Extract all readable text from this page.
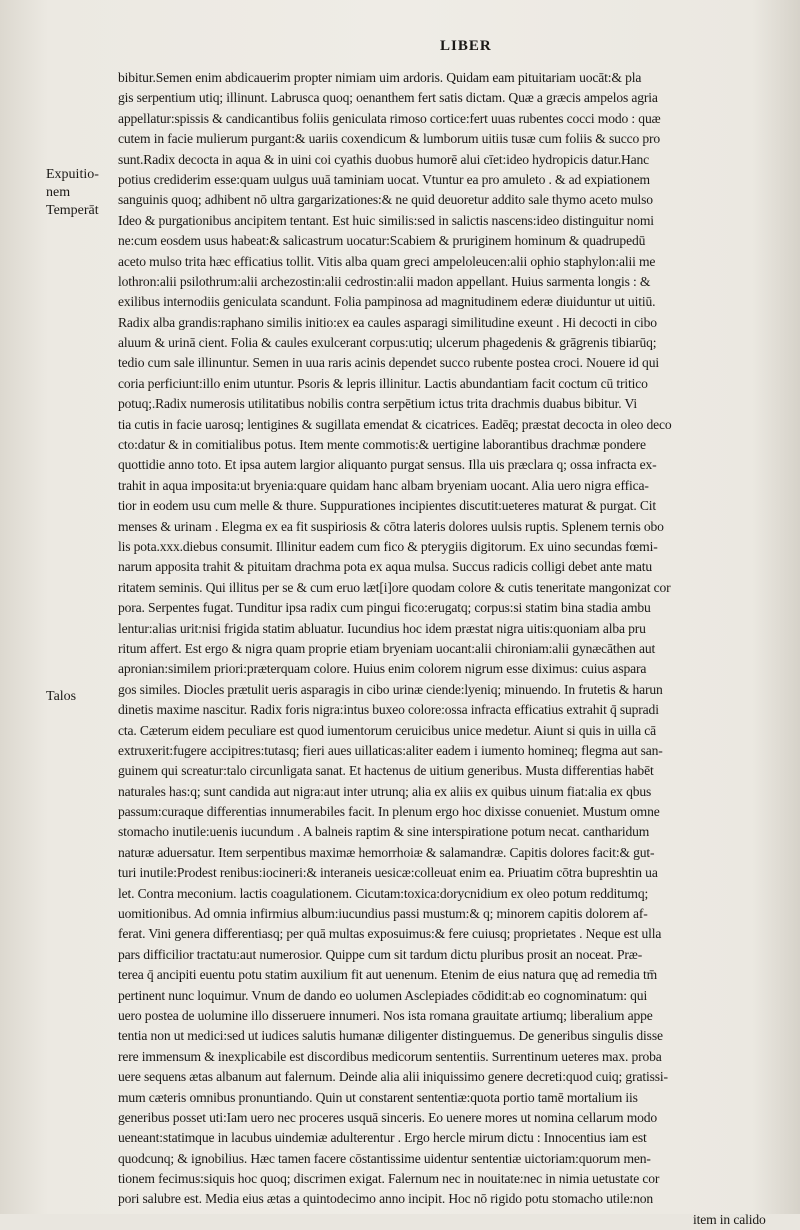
LIBER
Expuitio-
nem
Temperāt
Talos
bibitur.Semen enim abdicauerim propter nimiam uim ardoris. Quidam eam pituitariam uocāt:& pla
gis serpentium utiq; illinunt. Labrusca quoq; oenanthem fert satis dictam. Quæ a græcis ampelos agria
appellatur:spissis & candicantibus foliis geniculata rimoso cortice:fert uuas rubentes cocci modo : quæ
cutem in facie mulierum purgant:& uariis coxendicum & lumborum uitiis tusæ cum foliis & succo pro
sunt.Radix decocta in aqua & in uini coi cyathis duobus humorē alui cīet:ideo hydropicis datur.Hanc
potius crediderim esse:quam uulgus uuā taminiam uocat. Vtuntur ea pro amuleto . & ad expiationem
sanguinis quoq; adhibent nō ultra gargarizationes:& ne quid deuoretur addito sale thymo aceto mulso
Ideo & purgationibus ancipitem tentant. Est huic similis:sed in salictis nascens:ideo distinguitur nomi
ne:cum eosdem usus habeat:& salicastrum uocatur:Scabiem & pruriginem hominum & quadrupedū
aceto mulso trita hæc efficatius tollit. Vitis alba quam greci ampeloleucen:alii ophio staphylon:alii me
lothron:alii psilothrum:alii archezostin:alii cedrostin:alii madon appellant. Huius sarmenta longis : &
exilibus internodiis geniculata scandunt. Folia pampinosa ad magnitudinem ederæ diuiduntur ut uitiū.
Radix alba grandis:raphano similis initio:ex ea caules asparagi similitudine exeunt . Hi decocti in cibo
aluum & urinā cient. Folia & caules exulcerant corpus:utiq; ulcerum phagedenis & grāgrenis tibiarūq;
tedio cum sale illinuntur. Semen in uua raris acinis dependet succo rubente postea croci. Nouere id qui
coria perficiunt:illo enim utuntur. Psoris & lepris illinitur. Lactis abundantiam facit coctum cū tritico
potuq;.Radix numerosis utilitatibus nobilis contra serpētium ictus trita drachmis duabus bibitur. Vi
tia cutis in facie uarosq; lentigines & sugillata emendat & cicatrices. Eadēq; præstat decocta in oleo deco
cto:datur & in comitialibus potus. Item mente commotis:& uertigine laborantibus drachmæ pondere
quottidie anno toto. Et ipsa autem largior aliquanto purgat sensus. Illa uis præclara q; ossa infracta ex-
trahit in aqua imposita:ut bryenia:quare quidam hanc albam bryeniam uocant. Alia uero nigra effica-
tior in eodem usu cum melle & thure. Suppurationes incipientes discutit:ueteres maturat & purgat. Cit
menses & urinam . Elegma ex ea fit suspiriosis & cōtra lateris dolores uulsis ruptis. Splenem ternis obo
lis pota.xxx.diebus consumit. Illinitur eadem cum fico & pterygiis digitorum. Ex uino secundas fœmi-
narum apposita trahit & pituitam drachma pota ex aqua mulsa. Succus radicis colligi debet ante matu
ritatem seminis. Qui illitus per se & cum eruo læt[i]ore quodam colore & cutis teneritate mangonizat cor
pora. Serpentes fugat. Tunditur ipsa radix cum pingui fico:erugatq; corpus:si statim bina stadia ambu
lentur:alias urit:nisi frigida statim abluatur. Iucundius hoc idem præstat nigra uitis:quoniam alba pru
ritum affert. Est ergo & nigra quam proprie etiam bryeniam uocant:alii chironiam:alii gynæcāthen aut
apronian:similem priori:præterquam colore. Huius enim colorem nigrum esse diximus: cuius aspara
gos similes. Diocles prætulit ueris asparagis in cibo urinæ ciende:lyeniq; minuendo. In frutetis & harun
dinetis maxime nascitur. Radix foris nigra:intus buxeo colore:ossa infracta efficatius extrahit q̄ supradi
cta. Cæterum eidem peculiare est quod iumentorum ceruicibus unice medetur. Aiunt si quis in uilla cā
extruxerit:fugere accipitres:tutasq; fieri aues uillaticas:aliter eadem i iumento homineq; flegma aut san-
guinem qui screatur:talo circunligata sanat. Et hactenus de uitium generibus. Musta differentias habēt
naturales has:q; sunt candida aut nigra:aut inter utrunq; alia ex aliis ex quibus uinum fiat:alia ex qbus
passum:curaque differentias innumerabiles facit. In plenum ergo hoc dixisse conueniet. Mustum omne
stomacho inutile:uenis iucundum . A balneis raptim & sine interspiratione potum necat. cantharidum
naturæ aduersatur. Item serpentibus maximæ hemorrhoiæ & salamandræ. Capitis dolores facit:& gut-
turi inutile:Prodest renibus:iocineri:& interaneis uesicæ:colleuat enim ea. Priuatim cōtra bupreshtin ua
let. Contra meconium. lactis coagulationem. Cicutam:toxica:dorycnidium ex oleo potum redditumq;
uomitionibus. Ad omnia infirmius album:iucundius passi mustum:& q; minorem capitis dolorem af-
ferat. Vini genera differentiasq; per quā multas exposuimus:& fere cuiusq; proprietates . Neque est ulla
pars difficilior tractatu:aut numerosior. Quippe cum sit tardum dictu pluribus prosit an noceat. Præ-
terea q̄ ancipiti euentu potu statim auxilium fit aut uenenum. Etenim de eius natura quę ad remedia tm̄
pertinent nunc loquimur. Vnum de dando eo uolumen Asclepiades cōdidit:ab eo cognominatum: qui
uero postea de uolumine illo disseruere innumeri. Nos ista romana grauitate artiumq; liberalium appe
tentia non ut medici:sed ut iudices salutis humanæ diligenter distinguemus. De generibus singulis disse
rere immensum & inexplicabile est discordibus medicorum sententiis. Surrentinum ueteres max. proba
uere sequens ætas albanum aut falernum. Deinde alia alii iniquissimo genere decreti:quod cuiq; gratissi-
mum cæteris omnibus pronuntiando. Quin ut constarent sententiæ:quota portio tamē mortalium iis
generibus posset uti:Iam uero nec proceres usquā sinceris. Eo uenere mores ut nomina cellarum modo
ueneant:statimque in lacubus uindemiæ adulterentur . Ergo hercle mirum dictu : Innocentius iam est
quodcunq; & ignobilius. Hæc tamen facere cōstantissime uidentur sententiæ uictoriam:quorum men-
tionem fecimus:siquis hoc quoq; discrimen exigat. Falernum nec in nouitate:nec in nimia uetustate cor
pori salubre est. Media eius ætas a quintodecimo anno incipit. Hoc nō rigido potu stomacho utile:non
item in calido
